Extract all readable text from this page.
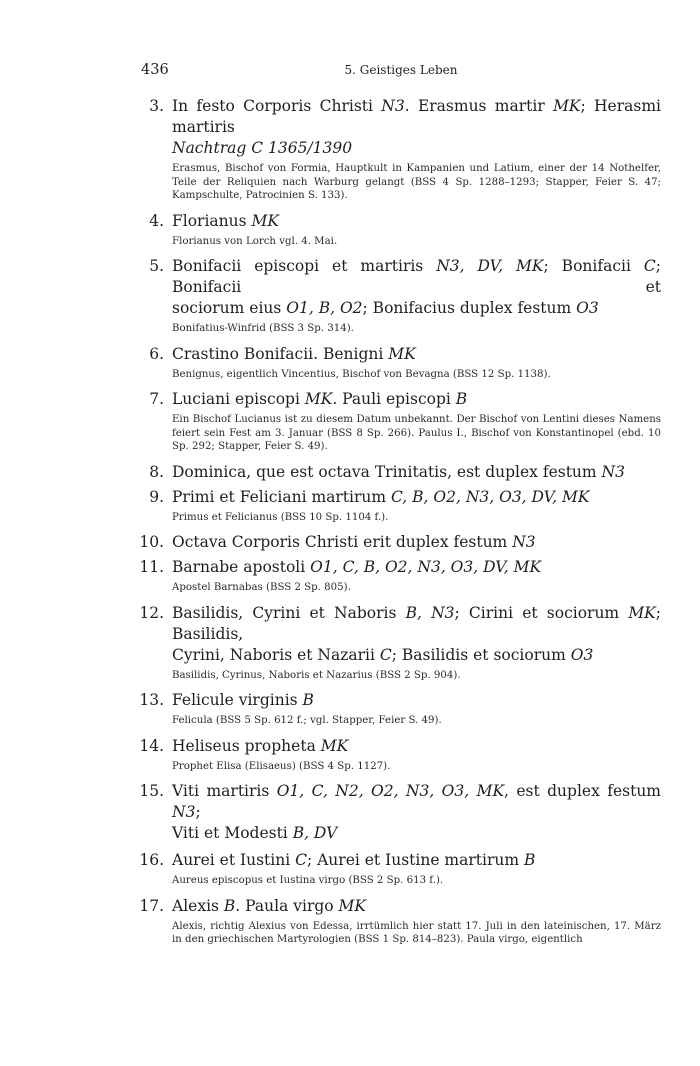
436	5. Geistiges Leben
3. In festo Corporis Christi N3. Erasmus martir MK; Herasmi martiris
Nachtrag C 1365/1390
Erasmus, Bischof von Formia, Hauptkult in Kampanien und Latium, einer der 14 Nothelfer, Teile der Reliquien nach Warburg gelangt (BSS 4 Sp. 1288–1293; Stapper, Feier S. 47; Kampschulte, Patrocinien S. 133).
4. Florianus MK
Florianus von Lorch vgl. 4. Mai.
5. Bonifacii episcopi et martiris N3, DV, MK; Bonifacii C; Bonifacii et
sociorum eius O1, B, O2; Bonifacius duplex festum O3
Bonifatius-Winfrid (BSS 3 Sp. 314).
6. Crastino Bonifacii. Benigni MK
Benignus, eigentlich Vincentius, Bischof von Bevagna (BSS 12 Sp. 1138).
7. Luciani episcopi MK. Pauli episcopi B
Ein Bischof Lucianus ist zu diesem Datum unbekannt. Der Bischof von Lentini dieses Namens feiert sein Fest am 3. Januar (BSS 8 Sp. 266). Paulus I., Bischof von Konstantinopel (ebd. 10 Sp. 292; Stapper, Feier S. 49).
8. Dominica, que est octava Trinitatis, est duplex festum N3
9. Primi et Feliciani martirum C, B, O2, N3, O3, DV, MK
Primus et Felicianus (BSS 10 Sp. 1104 f.).
10. Octava Corporis Christi erit duplex festum N3
11. Barnabe apostoli O1, C, B, O2, N3, O3, DV, MK
Apostel Barnabas (BSS 2 Sp. 805).
12. Basilidis, Cyrini et Naboris B, N3; Cirini et sociorum MK; Basilidis,
Cyrini, Naboris et Nazarii C; Basilidis et sociorum O3
Basilidis, Cyrinus, Naboris et Nazarius (BSS 2 Sp. 904).
13. Felicule virginis B
Felicula (BSS 5 Sp. 612 f.; vgl. Stapper, Feier S. 49).
14. Heliseus propheta MK
Prophet Elisa (Elisaeus) (BSS 4 Sp. 1127).
15. Viti martiris O1, C, N2, O2, N3, O3, MK, est duplex festum N3;
Viti et Modesti B, DV
16. Aurei et Iustini C; Aurei et Iustine martirum B
Aureus episcopus et Iustina virgo (BSS 2 Sp. 613 f.).
17. Alexis B. Paula virgo MK
Alexis, richtig Alexius von Edessa, irrtümlich hier statt 17. Juli in den lateinischen, 17. März in den griechischen Martyrologien (BSS 1 Sp. 814–823). Paula virgo, eigentlich
